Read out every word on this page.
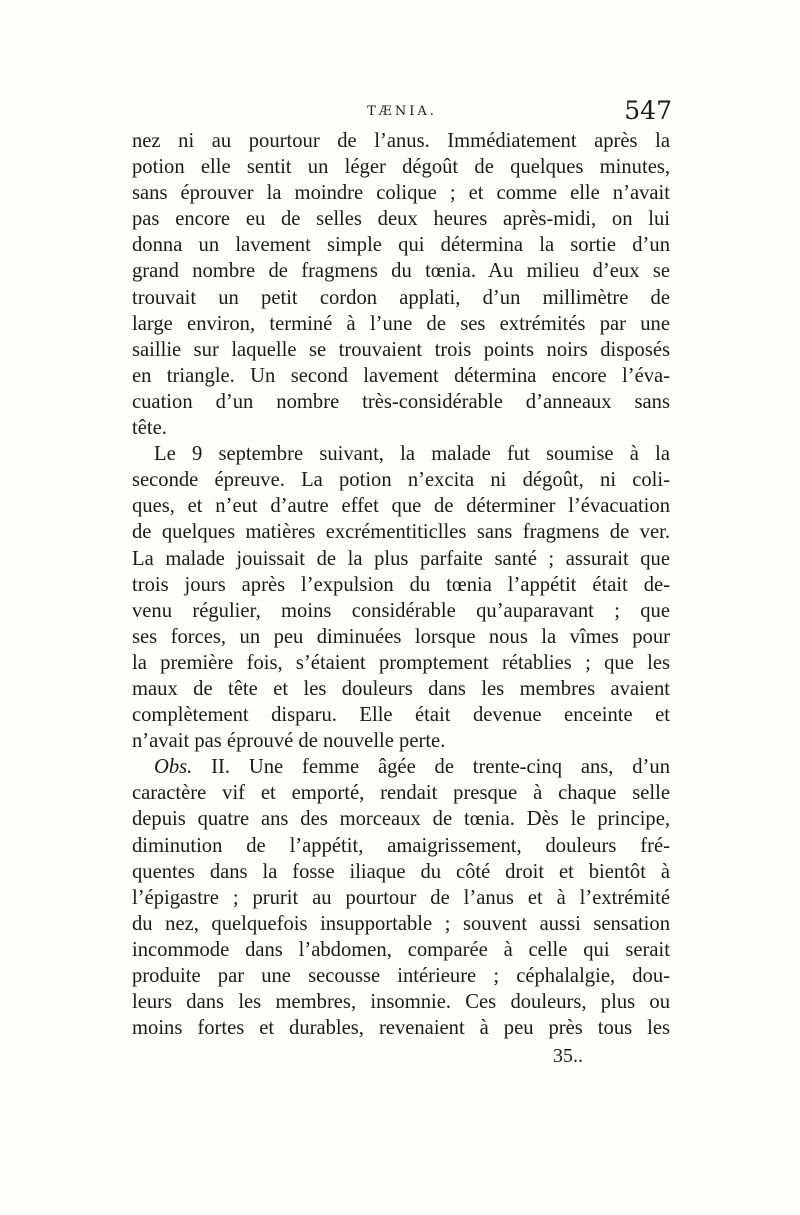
TÆNIA.	547
nez ni au pourtour de l’anus. Immédiatement après la
potion elle sentit un léger dégoût de quelques minutes,
sans éprouver la moindre colique ; et comme elle n’avait
pas encore eu de selles deux heures après-midi, on lui
donna un lavement simple qui détermina la sortie d’un
grand nombre de fragmens du tœnia. Au milieu d’eux se
trouvait un petit cordon applati, d’un millimètre de
large environ, terminé à l’une de ses extrémités par une
saillie sur laquelle se trouvaient trois points noirs disposés
en triangle. Un second lavement détermina encore l’éva-
cuation d’un nombre très-considérable d’anneaux sans
tête.
Le 9 septembre suivant, la malade fut soumise à la
seconde épreuve. La potion n’excita ni dégoût, ni coli-
ques, et n’eut d’autre effet que de déterminer l’évacuation
de quelques matières excrémentiticlles sans fragmens de ver.
La malade jouissait de la plus parfaite santé ; assurait que
trois jours après l’expulsion du tœnia l’appétit était de-
venu régulier, moins considérable qu’auparavant ; que
ses forces, un peu diminuées lorsque nous la vîmes pour
la première fois, s’étaient promptement rétablies ; que les
maux de tête et les douleurs dans les membres avaient
complètement disparu. Elle était devenue enceinte et
n’avait pas éprouvé de nouvelle perte.
Obs. II. Une femme âgée de trente-cinq ans, d’un
caractère vif et emporté, rendait presque à chaque selle
depuis quatre ans des morceaux de tœnia. Dès le principe,
diminution de l’appétit, amaigrissement, douleurs fré-
quentes dans la fosse iliaque du côté droit et bientôt à
l’épigastre ; prurit au pourtour de l’anus et à l’extrémité
du nez, quelquefois insupportable ; souvent aussi sensation
incommode dans l’abdomen, comparée à celle qui serait
produite par une secousse intérieure ; céphalalgie, dou-
leurs dans les membres, insomnie. Ces douleurs, plus ou
moins fortes et durables, revenaient à peu près tous les
35..
